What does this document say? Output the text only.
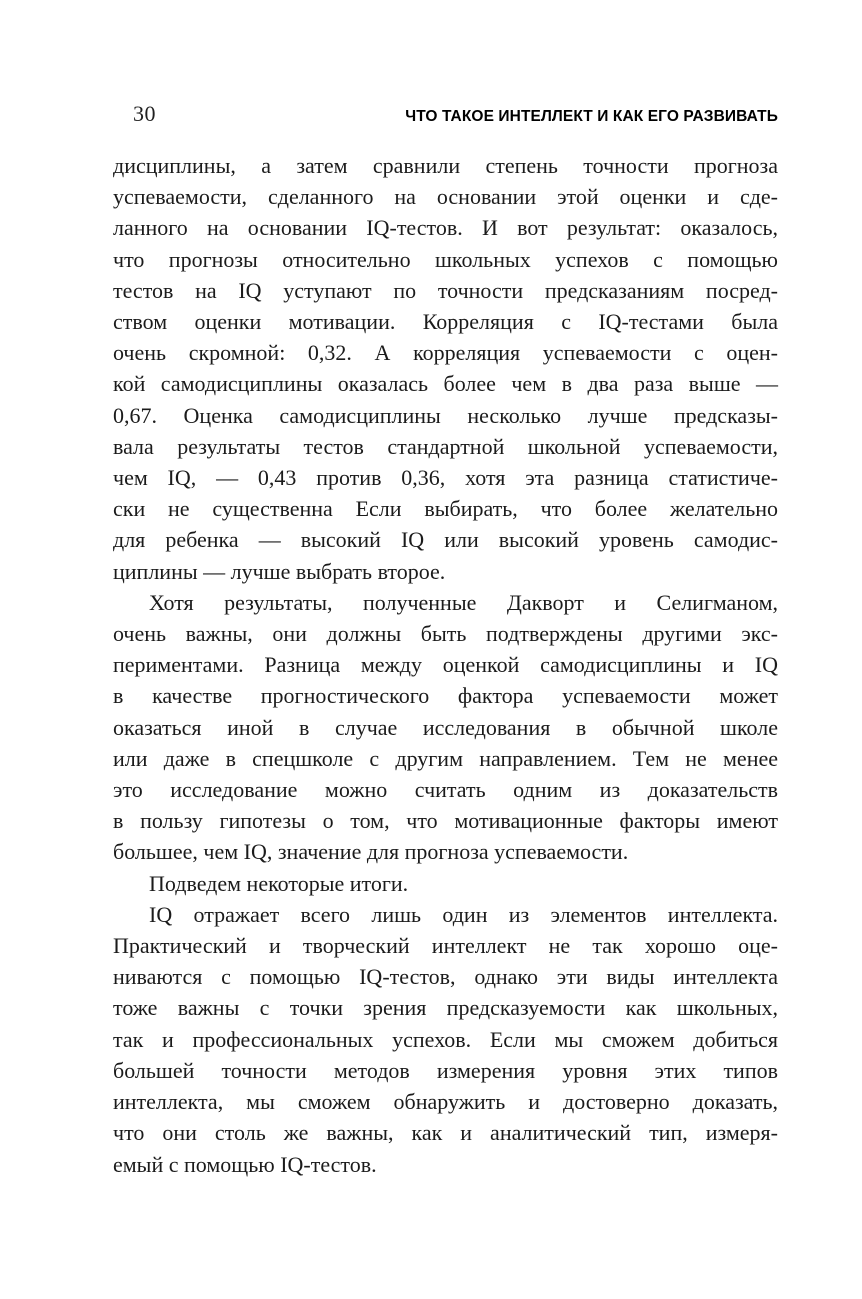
30	ЧТО ТАКОЕ ИНТЕЛЛЕКТ И КАК ЕГО РАЗВИВАТЬ
дисциплины, а затем сравнили степень точности прогноза
успеваемости, сделанного на основании этой оценки и сде-
ланного на основании IQ-тестов. И вот результат: оказалось,
что прогнозы относительно школьных успехов с помощью
тестов на IQ уступают по точности предсказаниям посред-
ством оценки мотивации. Корреляция с IQ-тестами была
очень скромной: 0,32. А корреляция успеваемости с оцен-
кой самодисциплины оказалась более чем в два раза выше —
0,67. Оценка самодисциплины несколько лучше предсказы-
вала результаты тестов стандартной школьной успеваемости,
чем IQ, — 0,43 против 0,36, хотя эта разница статистиче-
ски не существенна Если выбирать, что более желательно
для ребенка — высокий IQ или высокий уровень самодис-
циплины — лучше выбрать второе.
Хотя результаты, полученные Дакворт и Селигманом,
очень важны, они должны быть подтверждены другими экс-
периментами. Разница между оценкой самодисциплины и IQ
в качестве прогностического фактора успеваемости может
оказаться иной в случае исследования в обычной школе
или даже в спецшколе с другим направлением. Тем не менее
это исследование можно считать одним из доказательств
в пользу гипотезы о том, что мотивационные факторы имеют
большее, чем IQ, значение для прогноза успеваемости.
Подведем некоторые итоги.
IQ отражает всего лишь один из элементов интеллекта.
Практический и творческий интеллект не так хорошо оце-
ниваются с помощью IQ-тестов, однако эти виды интеллекта
тоже важны с точки зрения предсказуемости как школьных,
так и профессиональных успехов. Если мы сможем добиться
большей точности методов измерения уровня этих типов
интеллекта, мы сможем обнаружить и достоверно доказать,
что они столь же важны, как и аналитический тип, измеря-
емый с помощью IQ-тестов.
